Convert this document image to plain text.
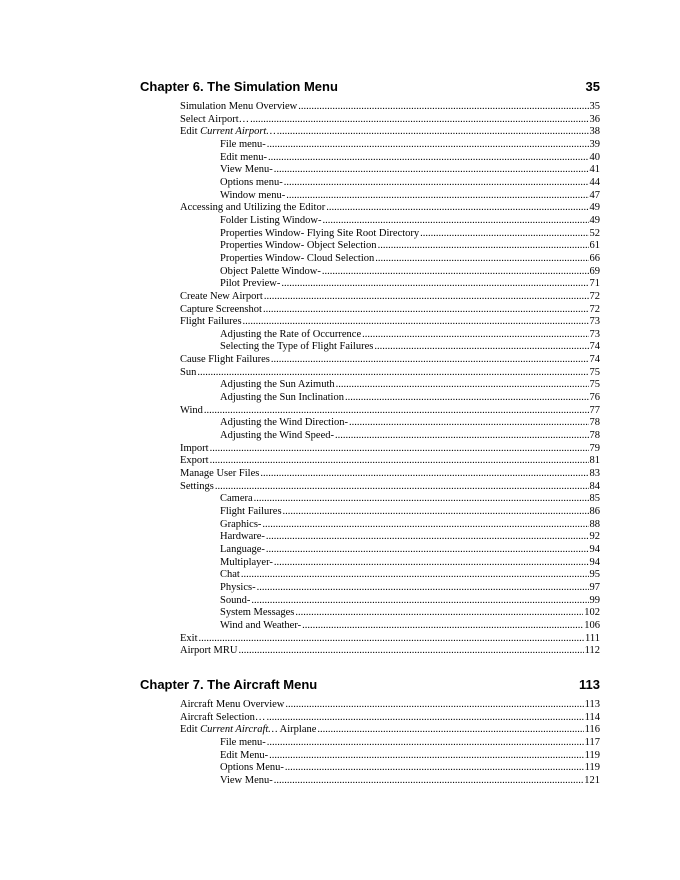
Chapter 6. The Simulation Menu	35
Simulation Menu Overview .....	35
Select Airport… .....	36
Edit Current Airport… .....	38
File menu- .....	39
Edit menu- .....	40
View Menu- .....	41
Options menu- .....	44
Window menu- .....	47
Accessing and Utilizing the Editor .....	49
Folder Listing Window- .....	49
Properties Window- Flying Site Root Directory .....	52
Properties Window- Object Selection .....	61
Properties Window- Cloud Selection .....	66
Object Palette Window- .....	69
Pilot Preview- .....	71
Create New Airport .....	72
Capture Screenshot .....	72
Flight Failures .....	73
Adjusting the Rate of Occurrence .....	73
Selecting the Type of Flight Failures .....	74
Cause Flight Failures .....	74
Sun .....	75
Adjusting the Sun Azimuth .....	75
Adjusting the Sun Inclination .....	76
Wind .....	77
Adjusting the Wind Direction- .....	78
Adjusting the Wind Speed- .....	78
Import .....	79
Export .....	81
Manage User Files .....	83
Settings .....	84
Camera .....	85
Flight Failures .....	86
Graphics- .....	88
Hardware- .....	92
Language- .....	94
Multiplayer- .....	94
Chat .....	95
Physics- .....	97
Sound- .....	99
System Messages .....	102
Wind and Weather- .....	106
Exit .....	111
Airport MRU .....	112
Chapter 7. The Aircraft Menu	113
Aircraft Menu Overview .....	113
Aircraft Selection… .....	114
Edit Current Aircraft… Airplane .....	116
File menu- .....	117
Edit Menu- .....	119
Options Menu- .....	119
View Menu- .....	121
